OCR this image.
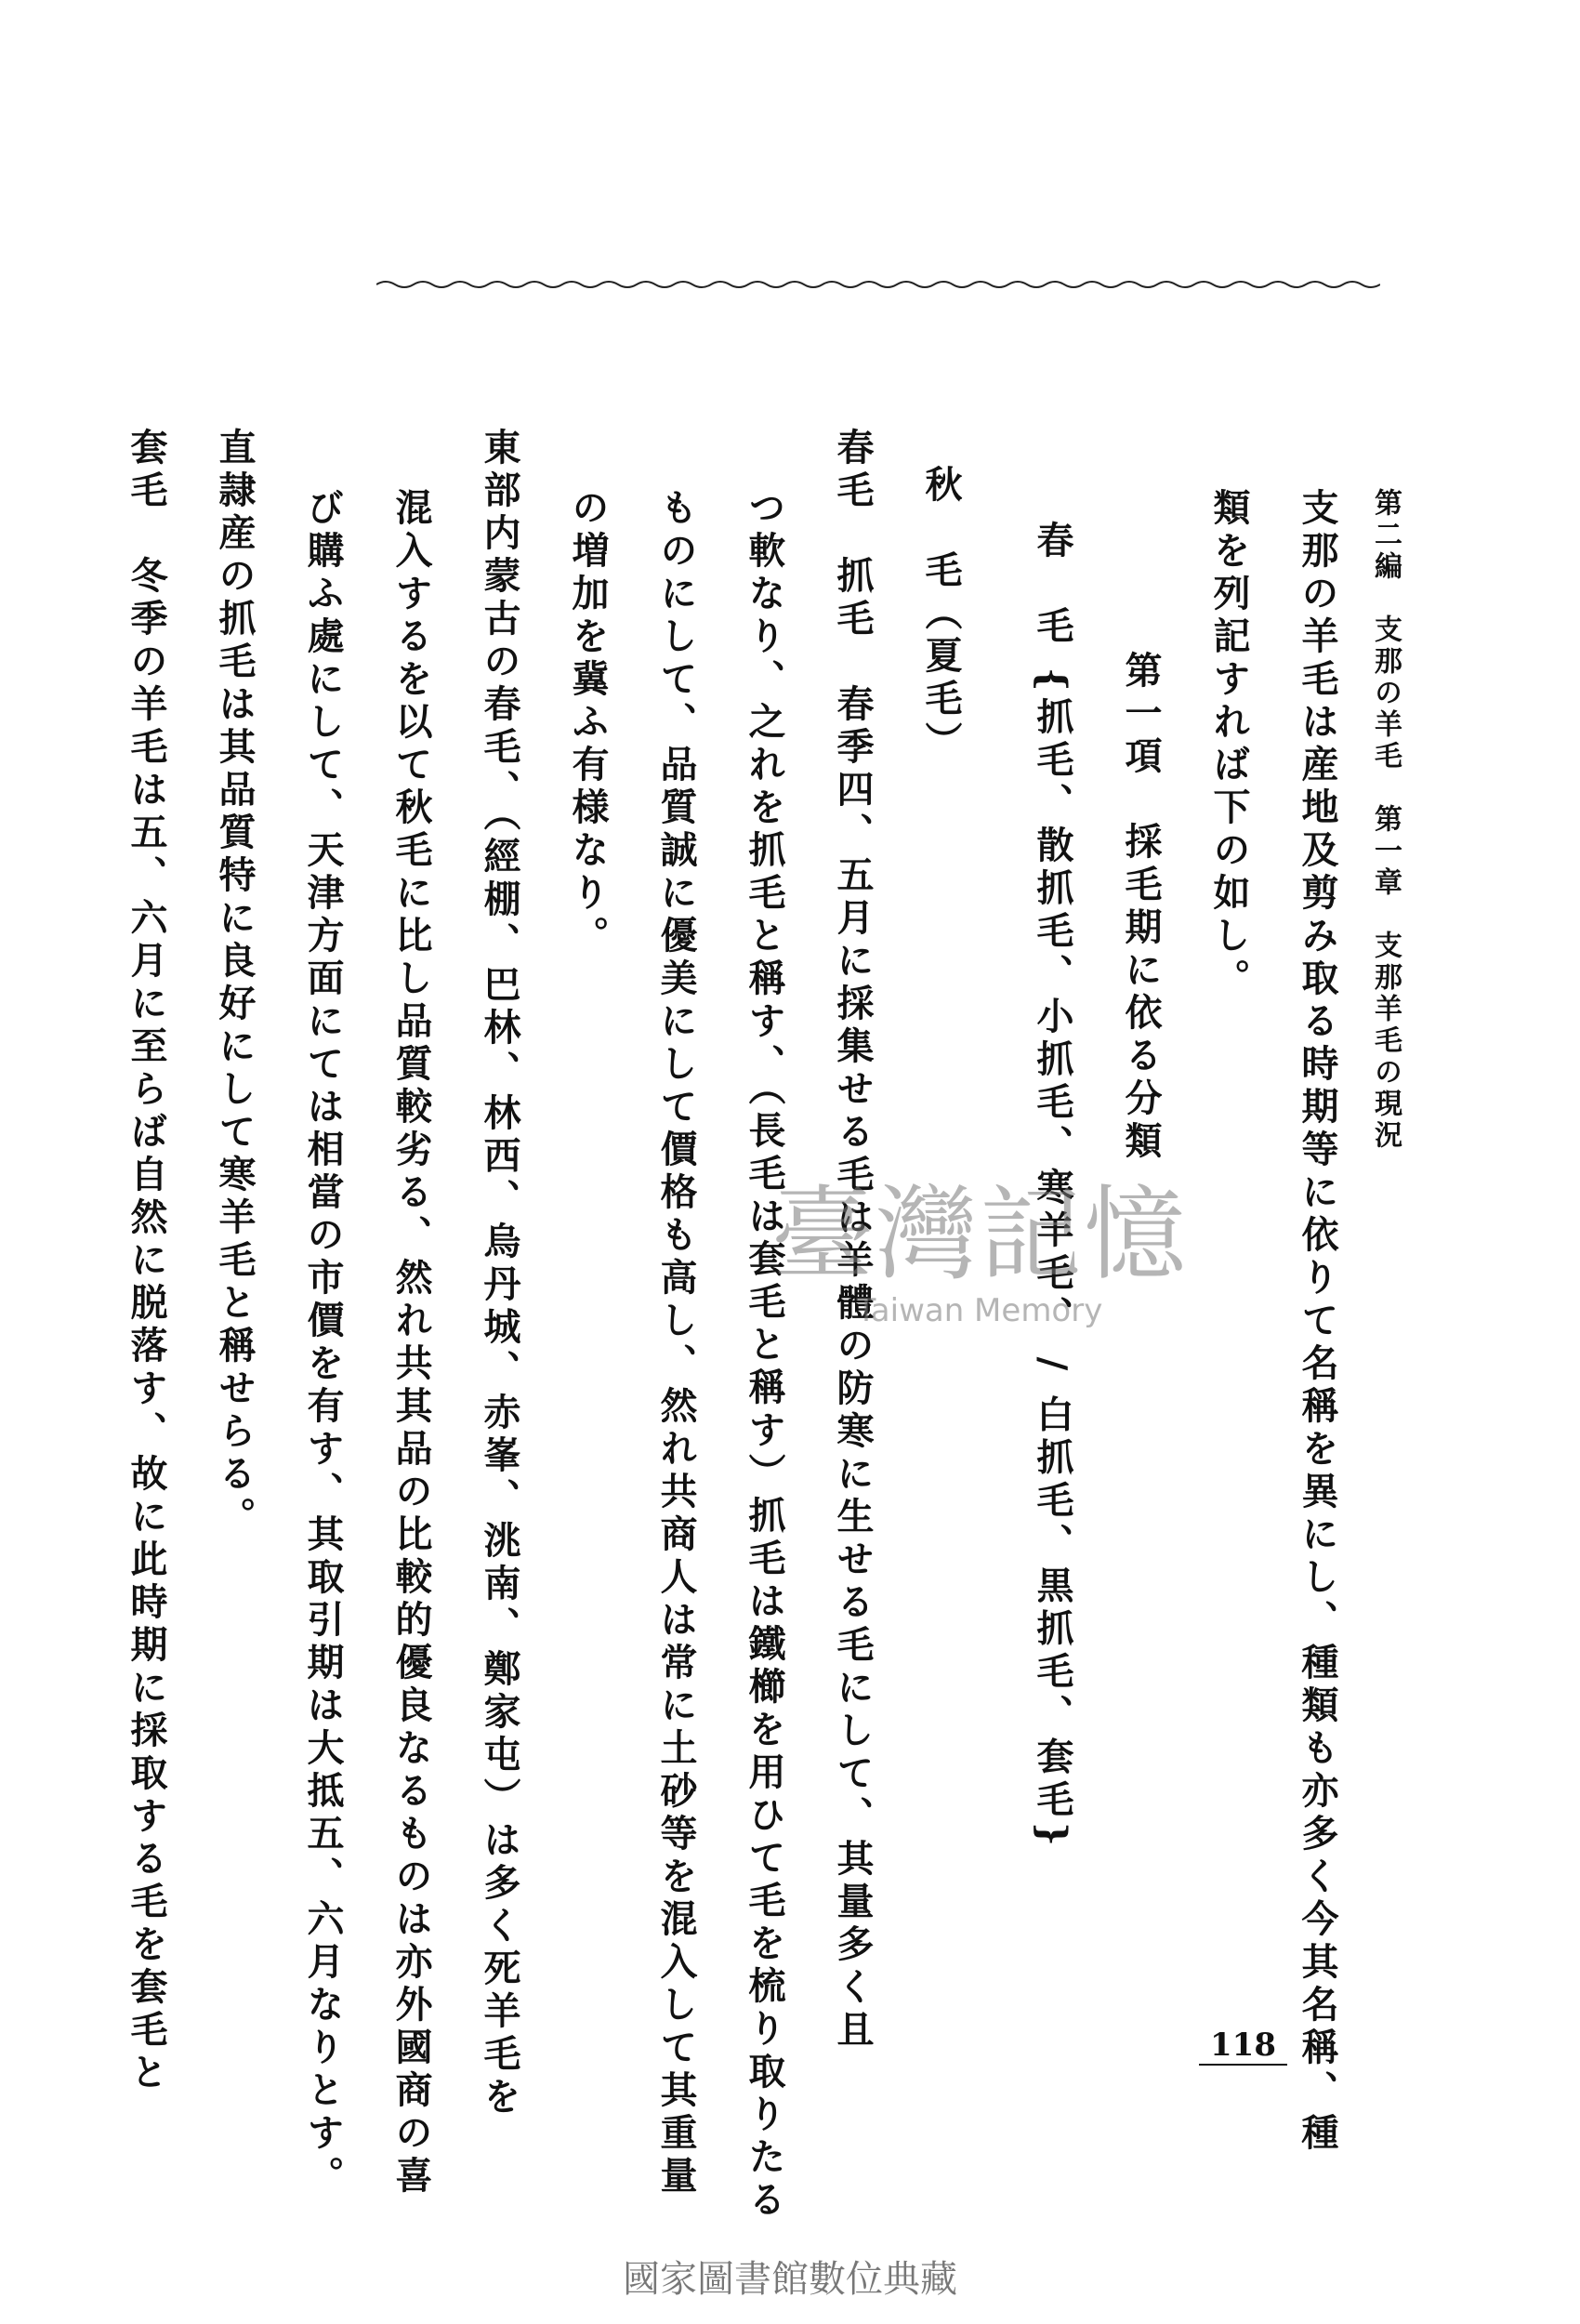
第二編　支那の羊毛　第一章　支那羊毛の現況
支那の羊毛は産地及剪み取る時期等に依りて名稱を異にし、種類も亦多く今其名稱、種
類を列記すれば下の如し。
第一項　採毛期に依る分類
春　毛 {抓毛、散抓毛、小抓毛、寒羊毛、 / 白抓毛、黒抓毛、套毛}
秋　毛（夏毛）
春毛　抓毛　春季四、五月に採集せる毛は羊體の防寒に生せる毛にして、其量多く且
つ軟なり、之れを抓毛と稱す、（長毛は套毛と稱す）抓毛は鐵櫛を用ひて毛を梳り取りたる
ものにして、品質誠に優美にして價格も高し、然れ共商人は常に土砂等を混入して其重量
の増加を冀ふ有様なり。
東部内蒙古の春毛、（經棚、巴林、林西、烏丹城、赤峯、洮南、鄭家屯）は多く死羊毛を
混入するを以て秋毛に比し品質較劣る、然れ共其品の比較的優良なるものは亦外國商の喜
び購ふ處にして、天津方面にては相當の市價を有す、其取引期は大抵五、六月なりとす。
直隷産の抓毛は其品質特に良好にして寒羊毛と稱せらる。
套毛　冬季の羊毛は五、六月に至らば自然に脱落す、故に此時期に採取する毛を套毛と	118
臺灣記憶
Taiwan Memory
國家圖書館數位典藏
